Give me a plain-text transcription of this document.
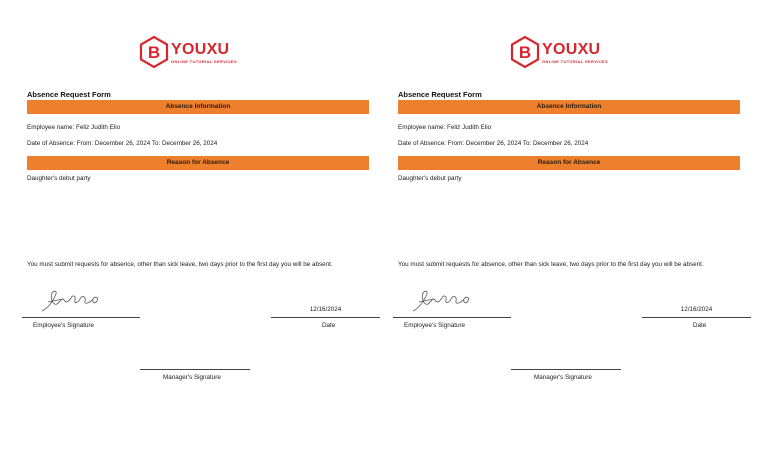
B YOUXU
ONLINE TUTORIAL SERVICES
Absence Request Form
Absence Information
Employee name: Feliz Judith Elio
Date of Absence: From: December 26, 2024 To: December 26, 2024
Reason for Absence
Daughter's debut party
You must submit requests for absence, other than sick leave, two days prior to the first day you will be absent.
12/16/2024
Employee's Signature	Date
Manager's Signature
B YOUXU
ONLINE TUTORIAL SERVICES
Absence Request Form
Absence Information
Employee name: Feliz Judith Elio
Date of Absence: From: December 26, 2024 To: December 26, 2024
Reason for Absence
Daughter's debut party
You must submit requests for absence, other than sick leave, two days prior to the first day you will be absent.
12/16/2024
Employee's Signature	Date
Manager's Signature
